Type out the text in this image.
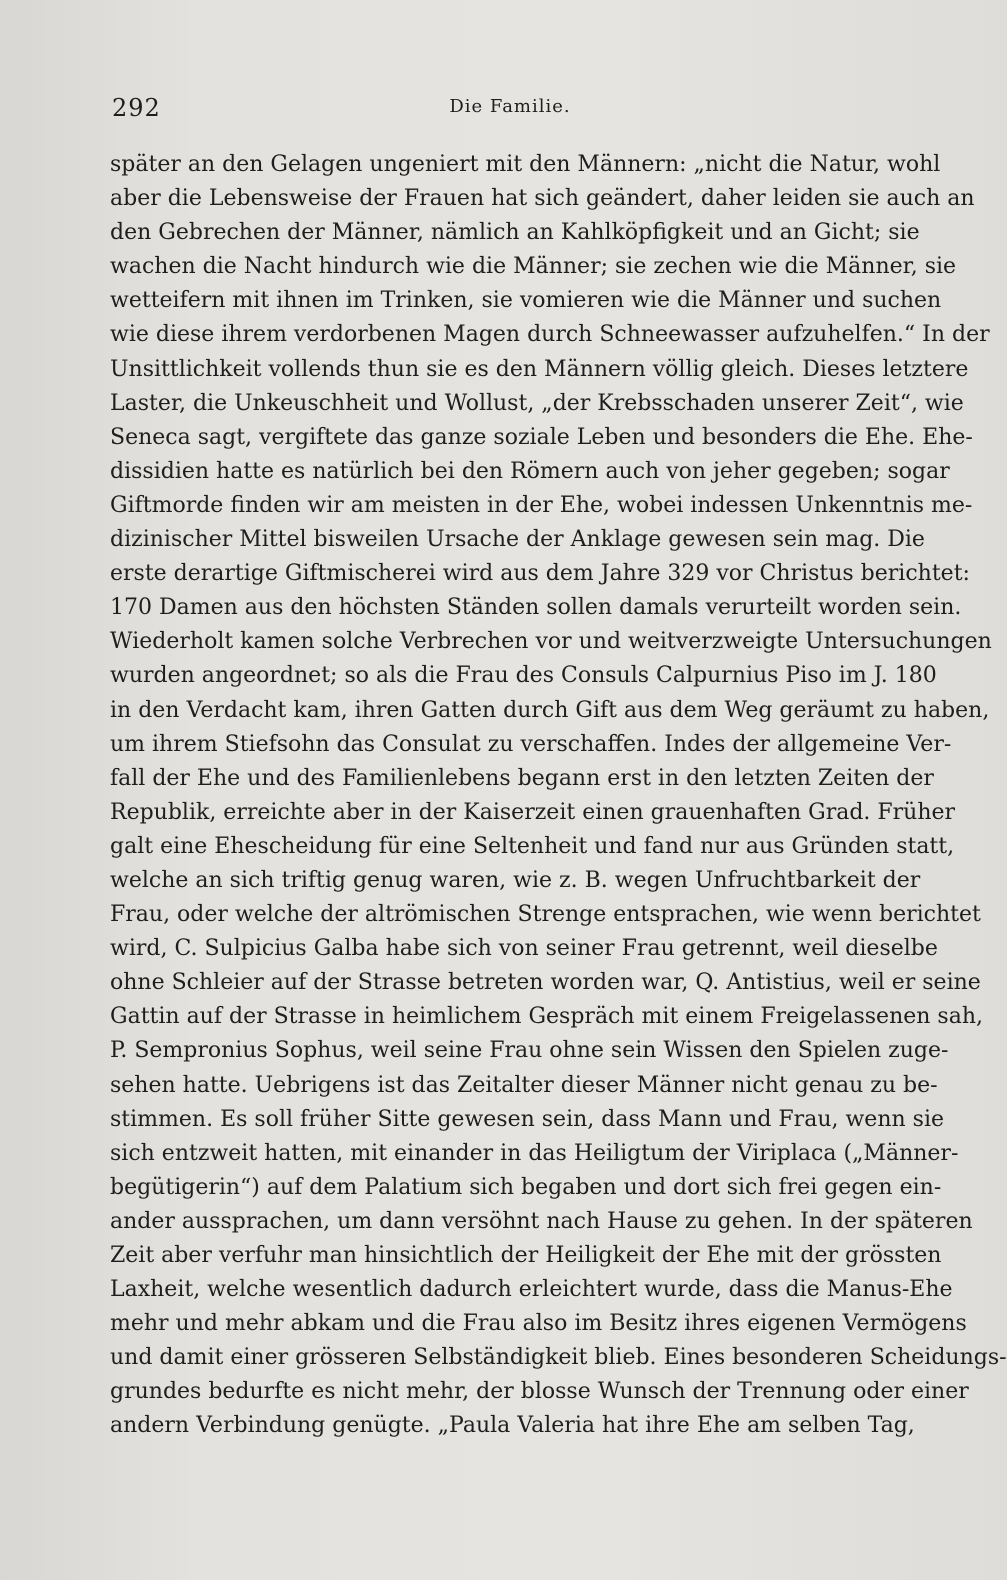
292	Die Familie.
später an den Gelagen ungeniert mit den Männern: „nicht die Natur, wohl
aber die Lebensweise der Frauen hat sich geändert, daher leiden sie auch an
den Gebrechen der Männer, nämlich an Kahlköpfigkeit und an Gicht; sie
wachen die Nacht hindurch wie die Männer; sie zechen wie die Männer, sie
wetteifern mit ihnen im Trinken, sie vomieren wie die Männer und suchen
wie diese ihrem verdorbenen Magen durch Schneewasser aufzuhelfen.“ In der
Unsittlichkeit vollends thun sie es den Männern völlig gleich. Dieses letztere
Laster, die Unkeuschheit und Wollust, „der Krebsschaden unserer Zeit“, wie
Seneca sagt, vergiftete das ganze soziale Leben und besonders die Ehe. Ehe-
dissidien hatte es natürlich bei den Römern auch von jeher gegeben; sogar
Giftmorde finden wir am meisten in der Ehe, wobei indessen Unkenntnis me-
dizinischer Mittel bisweilen Ursache der Anklage gewesen sein mag. Die
erste derartige Giftmischerei wird aus dem Jahre 329 vor Christus berichtet:
170 Damen aus den höchsten Ständen sollen damals verurteilt worden sein.
Wiederholt kamen solche Verbrechen vor und weitverzweigte Untersuchungen
wurden angeordnet; so als die Frau des Consuls Calpurnius Piso im J. 180
in den Verdacht kam, ihren Gatten durch Gift aus dem Weg geräumt zu haben,
um ihrem Stiefsohn das Consulat zu verschaffen. Indes der allgemeine Ver-
fall der Ehe und des Familienlebens begann erst in den letzten Zeiten der
Republik, erreichte aber in der Kaiserzeit einen grauenhaften Grad. Früher
galt eine Ehescheidung für eine Seltenheit und fand nur aus Gründen statt,
welche an sich triftig genug waren, wie z. B. wegen Unfruchtbarkeit der
Frau, oder welche der altrömischen Strenge entsprachen, wie wenn berichtet
wird, C. Sulpicius Galba habe sich von seiner Frau getrennt, weil dieselbe
ohne Schleier auf der Strasse betreten worden war, Q. Antistius, weil er seine
Gattin auf der Strasse in heimlichem Gespräch mit einem Freigelassenen sah,
P. Sempronius Sophus, weil seine Frau ohne sein Wissen den Spielen zuge-
sehen hatte. Uebrigens ist das Zeitalter dieser Männer nicht genau zu be-
stimmen. Es soll früher Sitte gewesen sein, dass Mann und Frau, wenn sie
sich entzweit hatten, mit einander in das Heiligtum der Viriplaca („Männer-
begütigerin“) auf dem Palatium sich begaben und dort sich frei gegen ein-
ander aussprachen, um dann versöhnt nach Hause zu gehen. In der späteren
Zeit aber verfuhr man hinsichtlich der Heiligkeit der Ehe mit der grössten
Laxheit, welche wesentlich dadurch erleichtert wurde, dass die Manus-Ehe
mehr und mehr abkam und die Frau also im Besitz ihres eigenen Vermögens
und damit einer grösseren Selbständigkeit blieb. Eines besonderen Scheidungs-
grundes bedurfte es nicht mehr, der blosse Wunsch der Trennung oder einer
andern Verbindung genügte. „Paula Valeria hat ihre Ehe am selben Tag,
